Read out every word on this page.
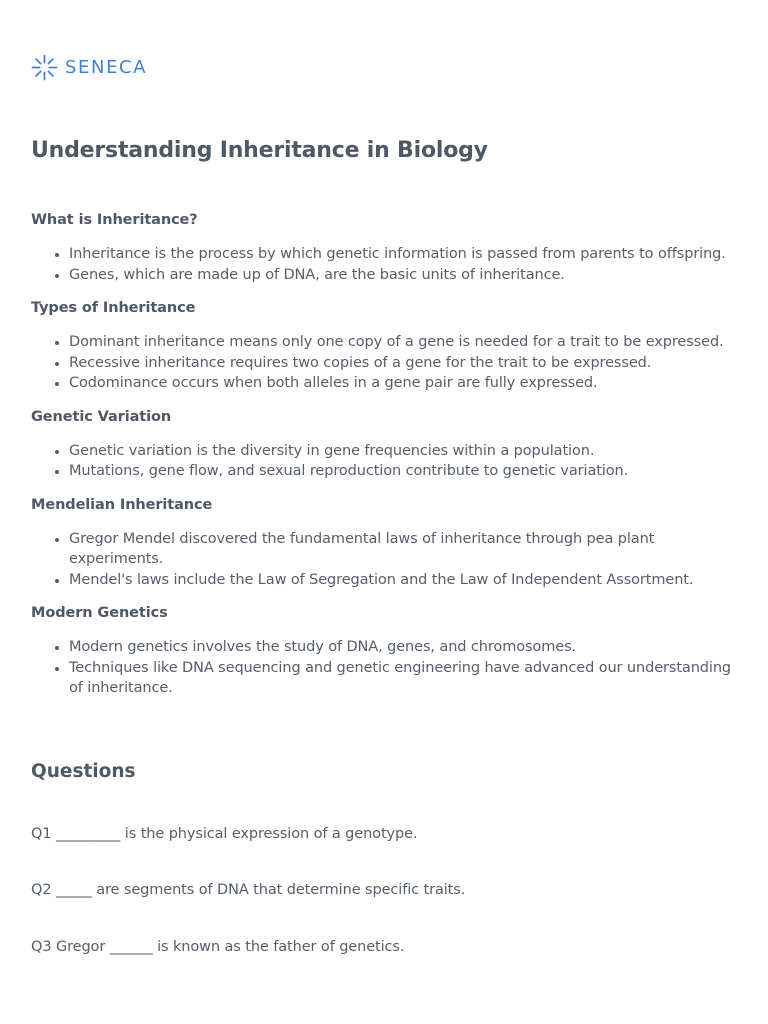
SENECA
Understanding Inheritance in Biology
What is Inheritance?
• Inheritance is the process by which genetic information is passed from parents to offspring.
• Genes, which are made up of DNA, are the basic units of inheritance.
Types of Inheritance
• Dominant inheritance means only one copy of a gene is needed for a trait to be expressed.
• Recessive inheritance requires two copies of a gene for the trait to be expressed.
• Codominance occurs when both alleles in a gene pair are fully expressed.
Genetic Variation
• Genetic variation is the diversity in gene frequencies within a population.
• Mutations, gene flow, and sexual reproduction contribute to genetic variation.
Mendelian Inheritance
• Gregor Mendel discovered the fundamental laws of inheritance through pea plant experiments.
• Mendel's laws include the Law of Segregation and the Law of Independent Assortment.
Modern Genetics
• Modern genetics involves the study of DNA, genes, and chromosomes.
• Techniques like DNA sequencing and genetic engineering have advanced our understanding of inheritance.
Questions

Q1 _________ is the physical expression of a genotype.

Q2 _____ are segments of DNA that determine specific traits.

Q3 Gregor ______ is known as the father of genetics.
